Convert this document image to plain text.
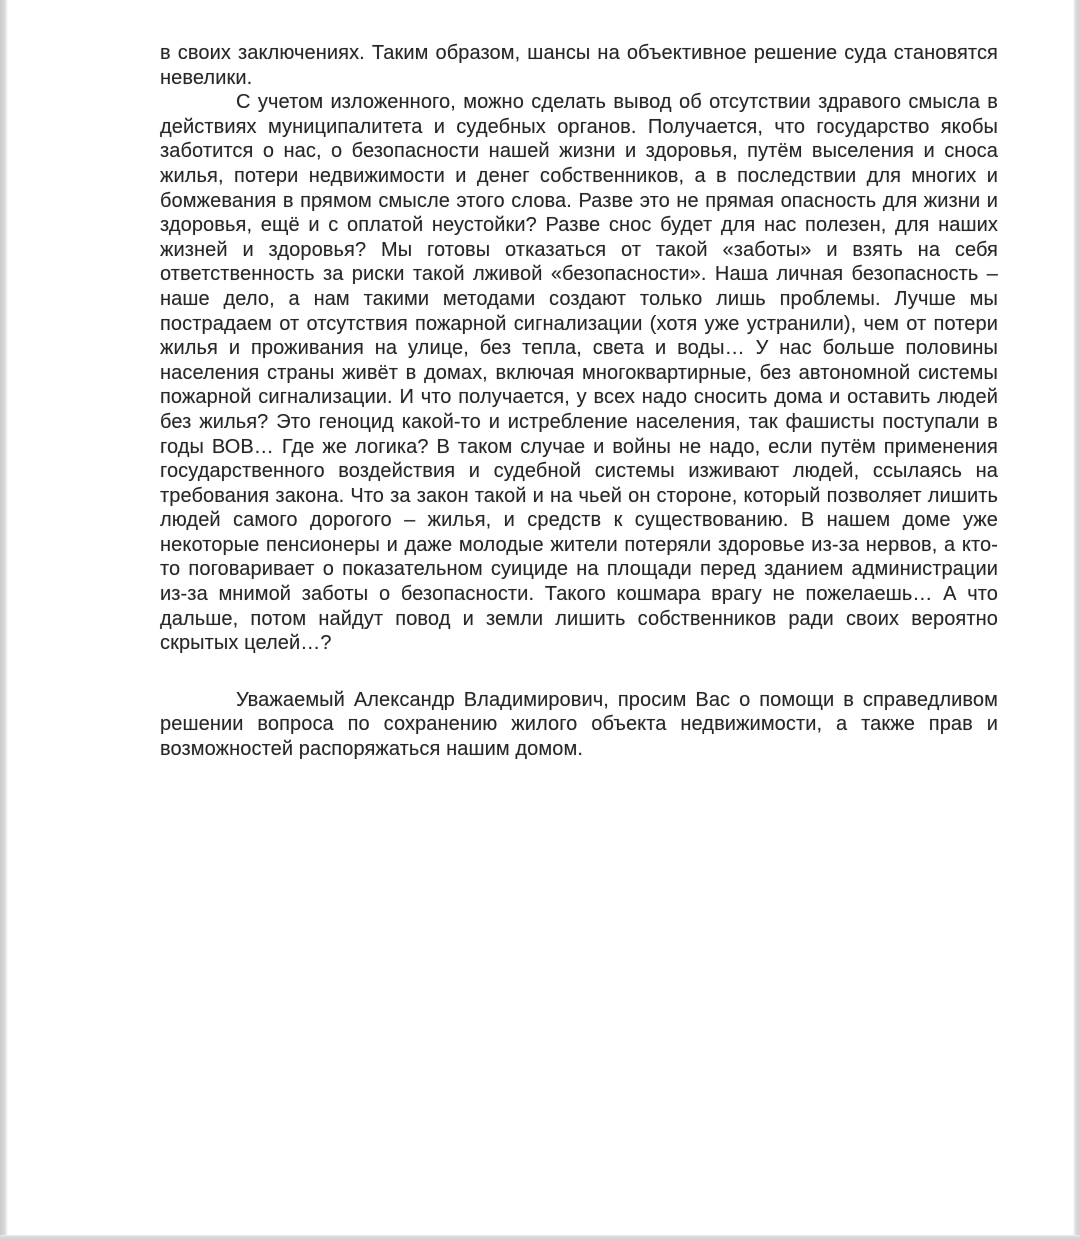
в своих заключениях. Таким образом, шансы на объективное решение суда становятся невелики.

С учетом изложенного, можно сделать вывод об отсутствии здравого смысла в действиях муниципалитета и судебных органов. Получается, что государство якобы заботится о нас, о безопасности нашей жизни и здоровья, путём выселения и сноса жилья, потери недвижимости и денег собственников, а в последствии для многих и бомжевания в прямом смысле этого слова. Разве это не прямая опасность для жизни и здоровья, ещё и с оплатой неустойки? Разве снос будет для нас полезен, для наших жизней и здоровья? Мы готовы отказаться от такой «заботы» и взять на себя ответственность за риски такой лживой «безопасности». Наша личная безопасность – наше дело, а нам такими методами создают только лишь проблемы. Лучше мы пострадаем от отсутствия пожарной сигнализации (хотя уже устранили), чем от потери жилья и проживания на улице, без тепла, света и воды… У нас больше половины населения страны живёт в домах, включая многоквартирные, без автономной системы пожарной сигнализации. И что получается, у всех надо сносить дома и оставить людей без жилья? Это геноцид какой-то и истребление населения, так фашисты поступали в годы ВОВ… Где же логика? В таком случае и войны не надо, если путём применения государственного воздействия и судебной системы изживают людей, ссылаясь на требования закона. Что за закон такой и на чьей он стороне, который позволяет лишить людей самого дорогого – жилья, и средств к существованию. В нашем доме уже некоторые пенсионеры и даже молодые жители потеряли здоровье из-за нервов, а кто-то поговаривает о показательном суициде на площади перед зданием администрации из-за мнимой заботы о безопасности. Такого кошмара врагу не пожелаешь… А что дальше, потом найдут повод и земли лишить собственников ради своих вероятно скрытых целей…?

Уважаемый Александр Владимирович, просим Вас о помощи в справедливом решении вопроса по сохранению жилого объекта недвижимости, а также прав и возможностей распоряжаться нашим домом.
